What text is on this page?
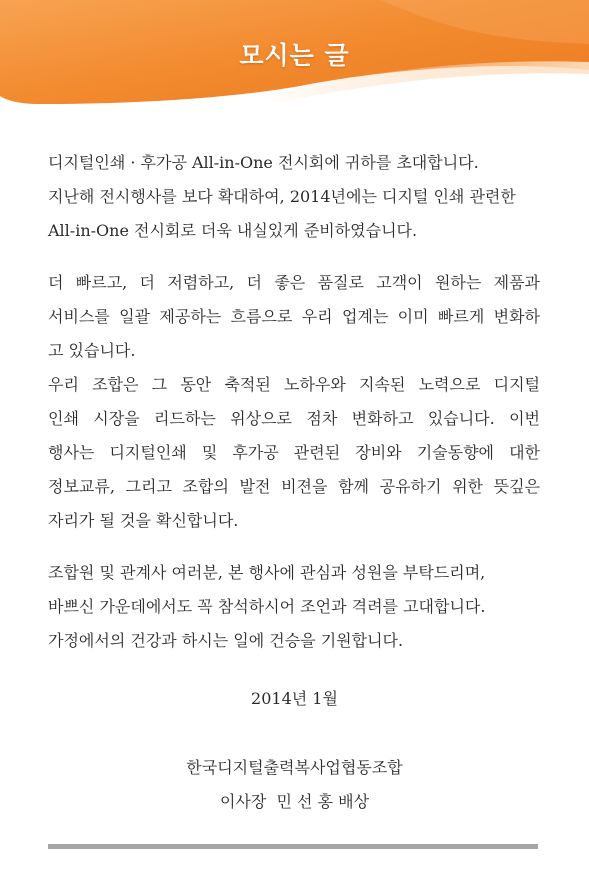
모시는 글
디지털인쇄 · 후가공 All-in-One 전시회에 귀하를 초대합니다.
지난해 전시행사를 보다 확대하여, 2014년에는 디지털 인쇄 관련한
All-in-One 전시회로 더욱 내실있게 준비하였습니다.
더 빠르고, 더 저렴하고, 더 좋은 품질로 고객이 원하는 제품과
서비스를 일괄 제공하는 흐름으로 우리 업계는 이미 빠르게 변화하
고 있습니다.
우리 조합은 그 동안 축적된 노하우와 지속된 노력으로 디지털
인쇄 시장을 리드하는 위상으로 점차 변화하고 있습니다. 이번
행사는 디지털인쇄 및 후가공 관련된 장비와 기술동향에 대한
정보교류, 그리고 조합의 발전 비젼을 함께 공유하기 위한 뜻깊은
자리가 될 것을 확신합니다.
조합원 및 관계사 여러분, 본 행사에 관심과 성원을 부탁드리며,
바쁘신 가운데에서도 꼭 참석하시어 조언과 격려를 고대합니다.
가정에서의 건강과 하시는 일에 건승을 기원합니다.
2014년 1월
한국디지털출력복사업협동조합
이사장  민 선 홍 배상
